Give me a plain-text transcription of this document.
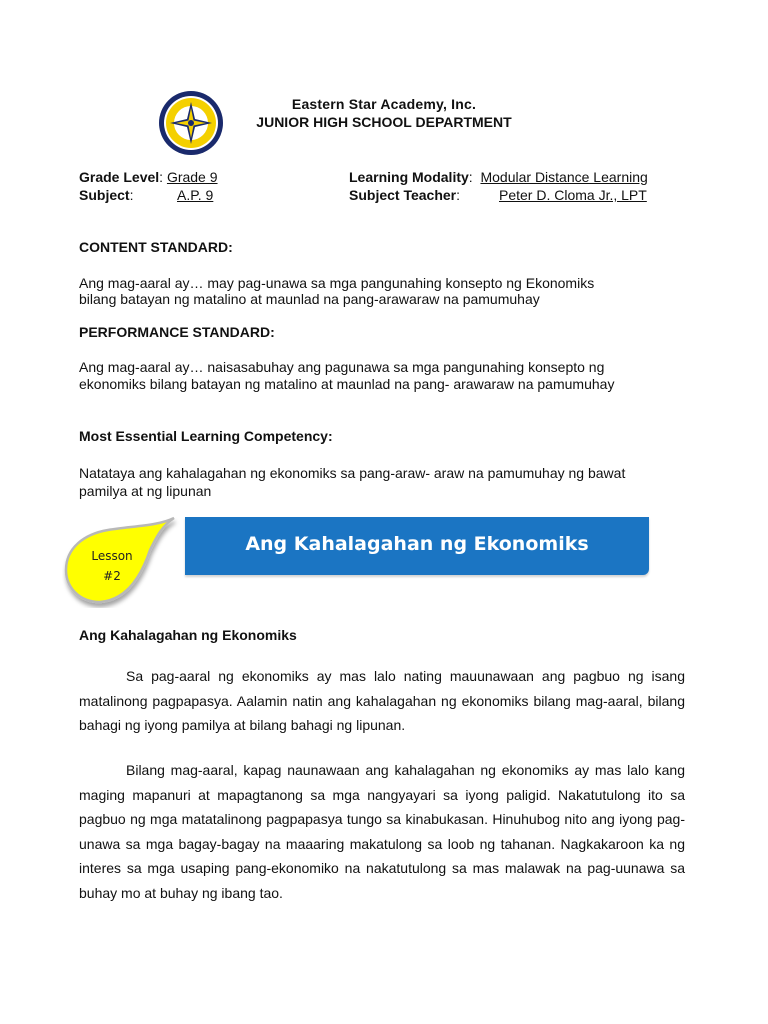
Eastern Star Academy, Inc.
JUNIOR HIGH SCHOOL DEPARTMENT
Grade Level: Grade 9
Subject:	A.P. 9
Learning Modality:  Modular Distance Learning
Subject Teacher:	Peter D. Cloma Jr., LPT
CONTENT STANDARD:
Ang mag-aaral ay… may pag-unawa sa mga pangunahing konsepto ng Ekonomiks
bilang batayan ng matalino at maunlad na pang-arawaraw na pamumuhay
PERFORMANCE STANDARD:
Ang mag-aaral ay… naisasabuhay ang pagunawa sa mga pangunahing konsepto ng
ekonomiks bilang batayan ng matalino at maunlad na pang- arawaraw na pamumuhay
Most Essential Learning Competency:
Natataya ang kahalagahan ng ekonomiks sa pang-araw- araw na pamumuhay ng bawat
pamilya at ng lipunan
Lesson
#2
Ang Kahalagahan ng Ekonomiks
Ang Kahalagahan ng Ekonomiks
Sa pag-aaral ng ekonomiks ay mas lalo nating mauunawaan ang pagbuo ng isang matalinong pagpapasya. Aalamin natin ang kahalagahan ng ekonomiks bilang mag-aaral, bilang bahagi ng iyong pamilya at bilang bahagi ng lipunan.
Bilang mag-aaral, kapag naunawaan ang kahalagahan ng ekonomiks ay mas lalo kang maging mapanuri at mapagtanong sa mga nangyayari sa iyong paligid. Nakatutulong ito sa pagbuo ng mga matatalinong pagpapasya tungo sa kinabukasan. Hinuhubog nito ang iyong pag-unawa sa mga bagay-bagay na maaaring makatulong sa loob ng tahanan. Nagkakaroon ka ng interes sa mga usaping pang-ekonomiko na nakatutulong sa mas malawak na pag-uunawa sa buhay mo at buhay ng ibang tao.
